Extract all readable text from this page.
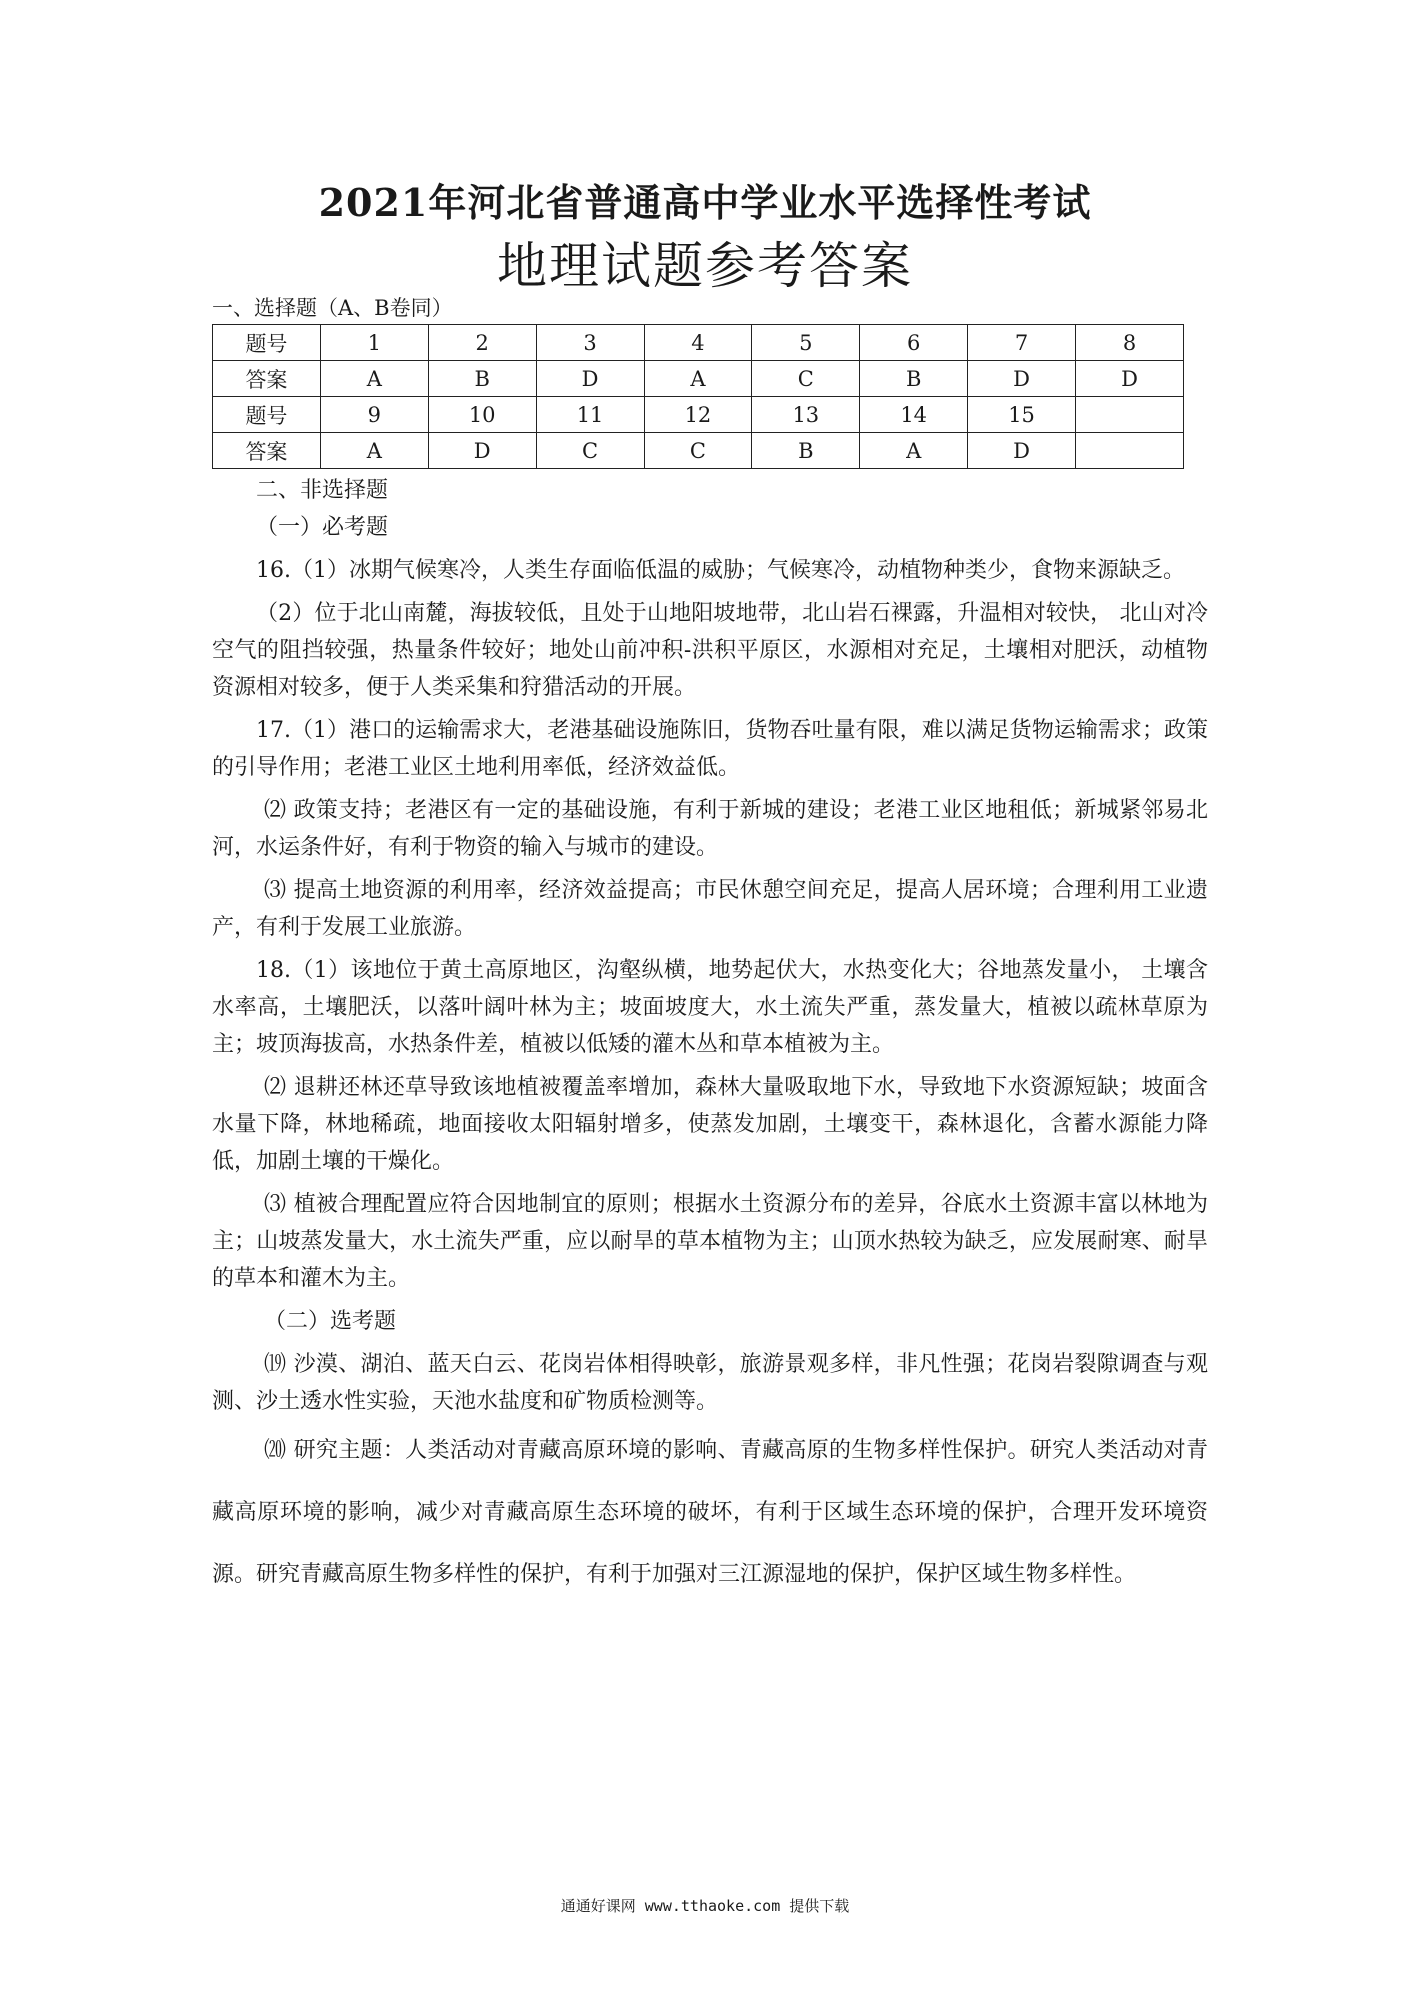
2021年河北省普通高中学业水平选择性考试
地理试题参考答案
一、选择题（A、B卷同）
题号	1	2	3	4	5	6	7	8
答案	A	B	D	A	C	B	D	D
题号	9	10	11	12	13	14	15	
答案	A	D	C	C	B	A	D	

二、非选择题

（一）必考题

16.（1）冰期气候寒冷，人类生存面临低温的威胁；气候寒冷，动植物种类少，食物来源缺乏。

（2）位于北山南麓，海拔较低，且处于山地阳坡地带，北山岩石裸露，升温相对较快， 北山对冷空气的阻挡较强，热量条件较好；地处山前冲积-洪积平原区，水源相对充足，土壤相对肥沃，动植物资源相对较多，便于人类采集和狩猎活动的开展。

17.（1）港口的运输需求大，老港基础设施陈旧，货物吞吐量有限，难以满足货物运输需求；政策的引导作用；老港工业区土地利用率低，经济效益低。

⑵ 政策支持；老港区有一定的基础设施，有利于新城的建设；老港工业区地租低；新城紧邻易北河，水运条件好，有利于物资的输入与城市的建设。

⑶ 提高土地资源的利用率，经济效益提高；市民休憩空间充足，提高人居环境；合理利用工业遗产，有利于发展工业旅游。

18.（1）该地位于黄土高原地区，沟壑纵横，地势起伏大，水热变化大；谷地蒸发量小， 土壤含水率高，土壤肥沃，以落叶阔叶林为主；坡面坡度大，水土流失严重，蒸发量大，植被以疏林草原为主；坡顶海拔高，水热条件差，植被以低矮的灌木丛和草本植被为主。

⑵ 退耕还林还草导致该地植被覆盖率增加，森林大量吸取地下水，导致地下水资源短缺；坡面含水量下降，林地稀疏，地面接收太阳辐射增多，使蒸发加剧，土壤变干，森林退化，含蓄水源能力降低，加剧土壤的干燥化。

⑶ 植被合理配置应符合因地制宜的原则；根据水土资源分布的差异，谷底水土资源丰富以林地为主；山坡蒸发量大，水土流失严重，应以耐旱的草本植物为主；山顶水热较为缺乏，应发展耐寒、耐旱的草本和灌木为主。

（二）选考题

⒆ 沙漠、湖泊、蓝天白云、花岗岩体相得映彰，旅游景观多样，非凡性强；花岗岩裂隙调查与观测、沙土透水性实验，天池水盐度和矿物质检测等。

⒇ 研究主题：人类活动对青藏高原环境的影响、青藏高原的生物多样性保护。研究人类活动对青藏高原环境的影响，减少对青藏高原生态环境的破坏，有利于区域生态环境的保护，合理开发环境资源。研究青藏高原生物多样性的保护，有利于加强对三江源湿地的保护，保护区域生物多样性。

通通好课网 www.tthaoke.com 提供下载
